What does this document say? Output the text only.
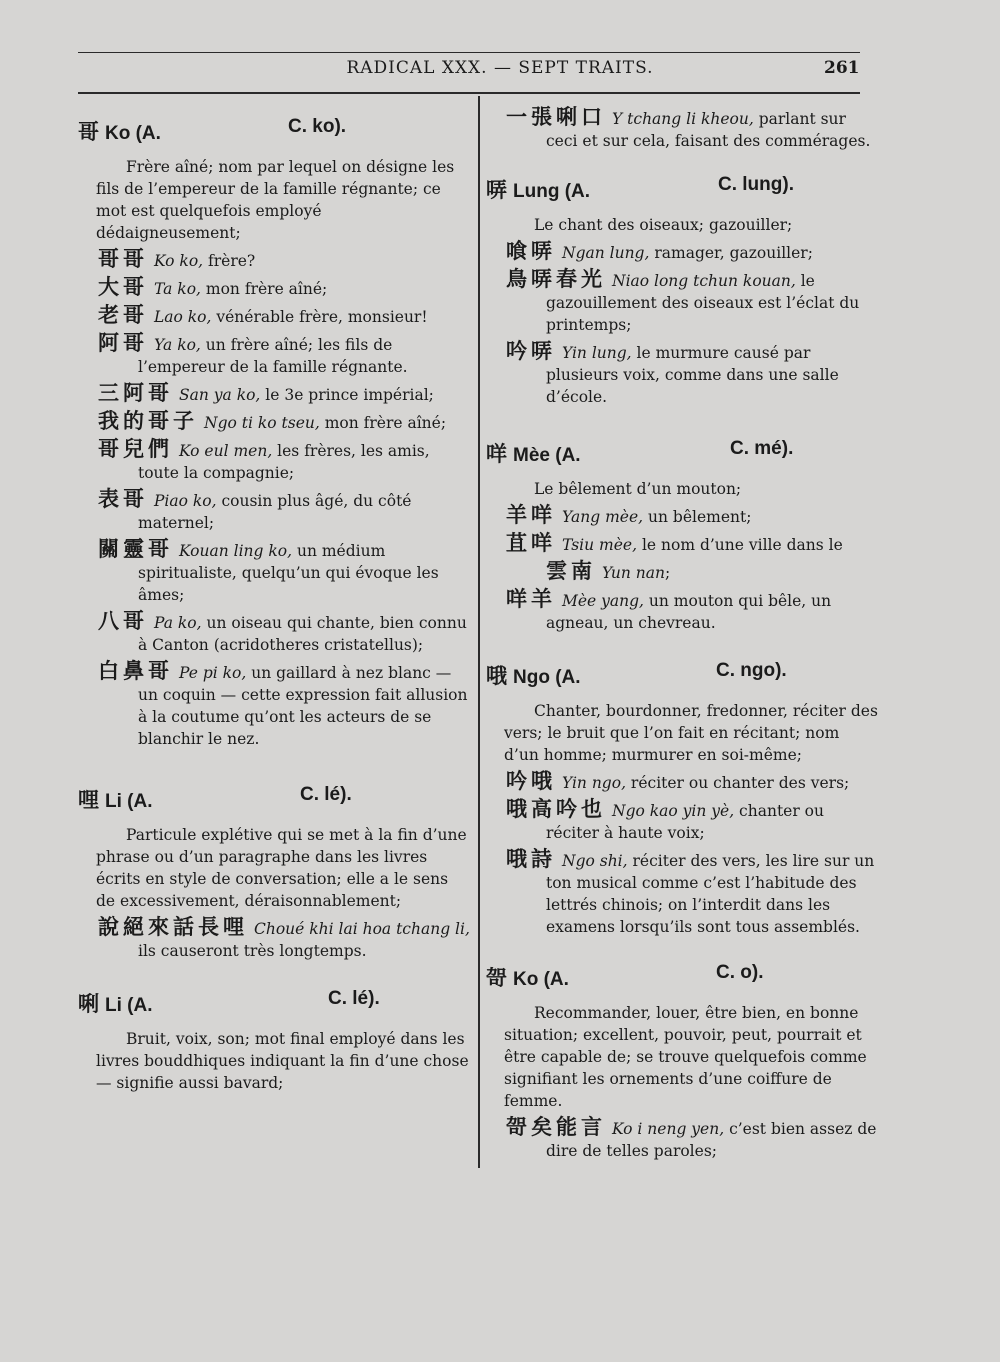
RADICAL XXX. — SEPT TRAITS.	261
哥 Ko (A.	C. ko).

Frère aîné; nom par lequel on désigne les fils de l’empereur de la famille régnante; ce mot est quelquefois employé dédaigneusement;

哥哥 Ko ko, frère?
大哥 Ta ko, mon frère aîné;
老哥 Lao ko, vénérable frère, monsieur!
阿哥 Ya ko, un frère aîné; les fils de l’empereur de la famille régnante.
三阿哥 San ya ko, le 3e prince impérial;
我的哥子 Ngo ti ko tseu, mon frère aîné;
哥兒們 Ko eul men, les frères, les amis, toute la compagnie;
表哥 Piao ko, cousin plus âgé, du côté maternel;
關靈哥 Kouan ling ko, un médium spiritualiste, quelqu’un qui évoque les âmes;
八哥 Pa ko, un oiseau qui chante, bien connu à Canton (acridotheres cristatellus);
白鼻哥 Pe pi ko, un gaillard à nez blanc — un coquin — cette expression fait allusion à la coutume qu’ont les acteurs de se blanchir le nez.
哩 Li (A.	C. lé).

Particule explétive qui se met à la fin d’une phrase ou d’un paragraphe dans les livres écrits en style de conversation; elle a le sens de excessivement, déraisonnablement;

說絕來話長哩 Choué khi lai hoa tchang li, ils causeront très longtemps.
唎 Li (A.	C. lé).

Bruit, voix, son; mot final employé dans les livres bouddhiques indiquant la fin d’une chose — signifie aussi bavard;

一張唎口 Y tchang li kheou, parlant sur ceci et sur cela, faisant des commérages.
哢 Lung (A.	C. lung).

Le chant des oiseaux; gazouiller;

喰哢 Ngan lung, ramager, gazouiller;
鳥哢春光 Niao long tchun kouan, le gazouillement des oiseaux est l’éclat du printemps;
吟哢 Yin lung, le murmure causé par plusieurs voix, comme dans une salle d’école.
咩 Mèe (A.	C. mé).

Le bêlement d’un mouton;

羊咩 Yang mèe, un bêlement;
苴咩 Tsiu mèe, le nom d’une ville dans le
雲南 Yun nan;
咩羊 Mèe yang, un mouton qui bêle, un agneau, un chevreau.
哦 Ngo (A.	C. ngo).

Chanter, bourdonner, fredonner, réciter des vers; le bruit que l’on fait en récitant; nom d’un homme; murmurer en soi-même;

吟哦 Yin ngo, réciter ou chanter des vers;
哦高吟也 Ngo kao yin yè, chanter ou réciter à haute voix;
哦詩 Ngo shi, réciter des vers, les lire sur un ton musical comme c’est l’habitude des lettrés chinois; on l’interdit dans les examens lorsqu’ils sont tous assemblés.
哿 Ko (A.	C. o).

Recommander, louer, être bien, en bonne situation; excellent, pouvoir, peut, pourrait et être capable de; se trouve quelquefois comme signifiant les ornements d’une coiffure de femme.

哿矣能言 Ko i neng yen, c’est bien assez de dire de telles paroles;
